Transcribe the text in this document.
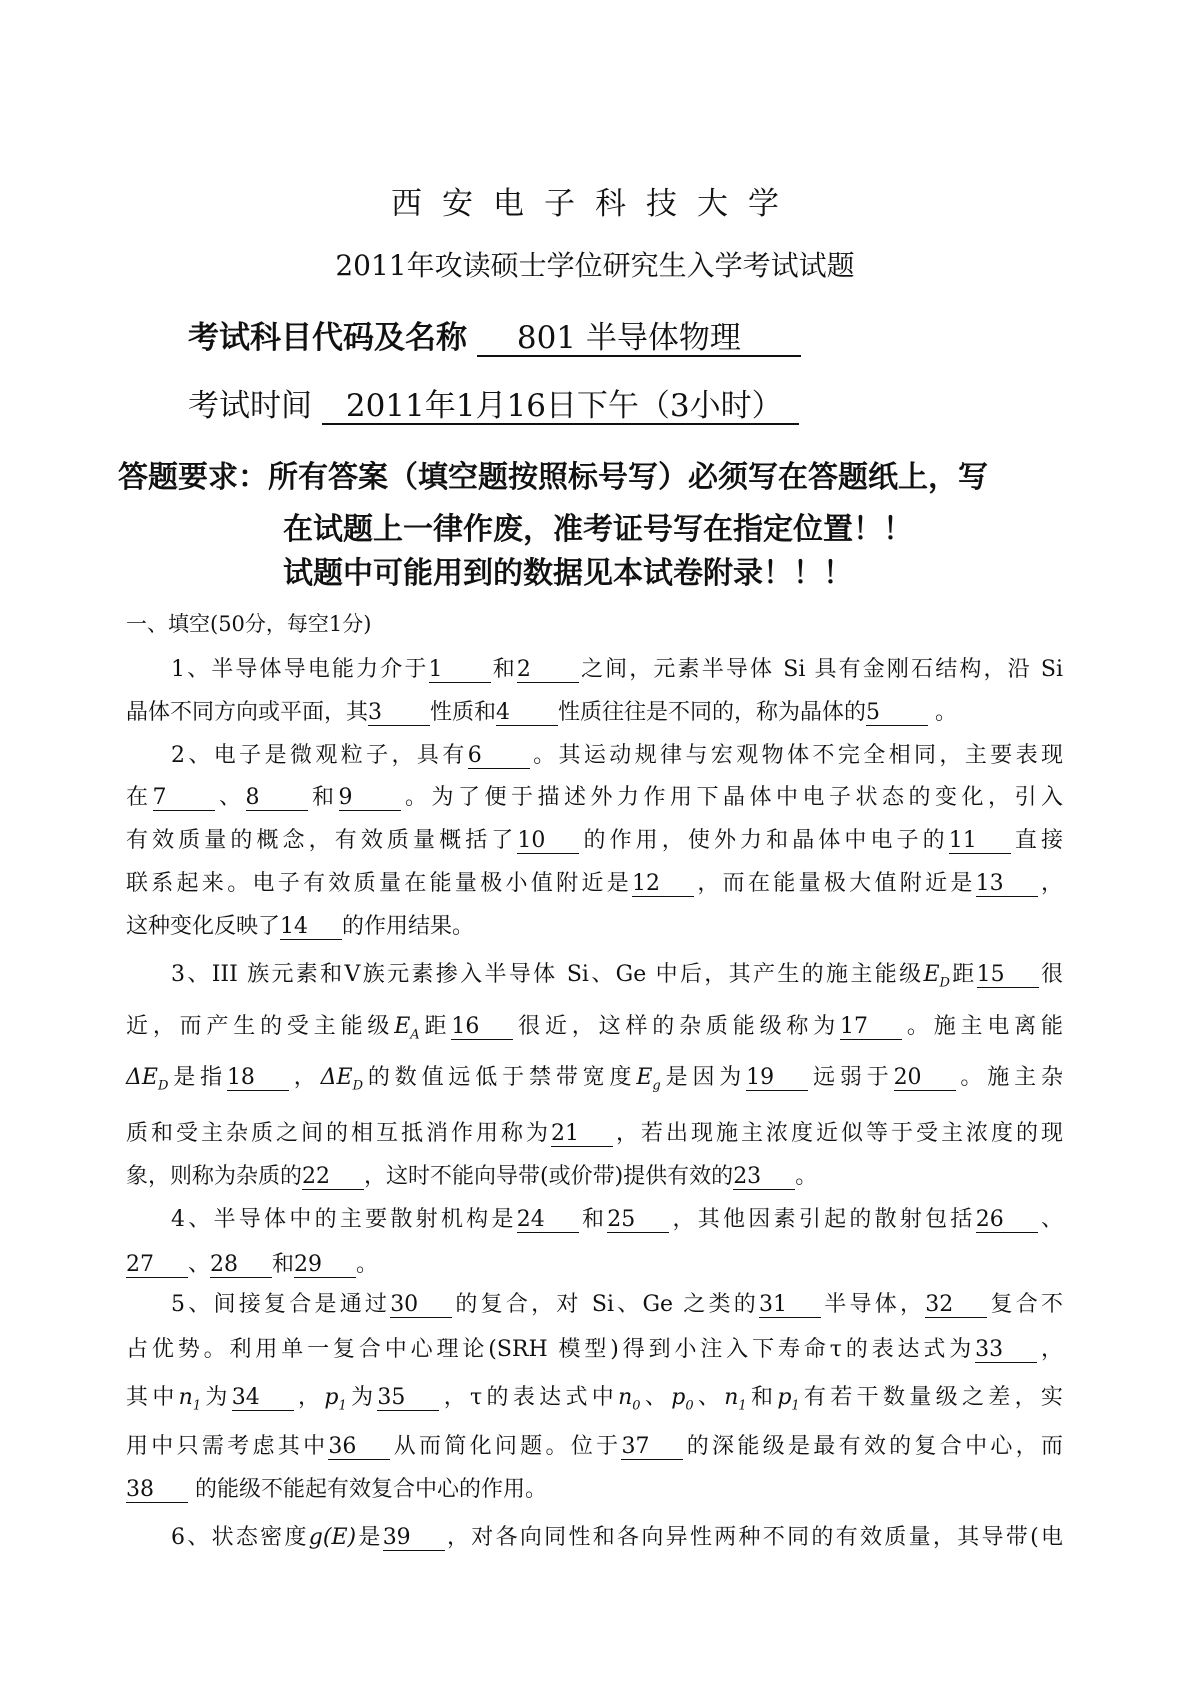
西安电子科技大学
2011年攻读硕士学位研究生入学考试试题
考试科目代码及名称 801 半导体物理
考试时间 2011年1月16日下午（3小时）
答题要求：所有答案（填空题按照标号写）必须写在答题纸上，写
在试题上一律作废，准考证号写在指定位置！！
试题中可能用到的数据见本试卷附录！！！
一、填空(50分，每空1分)
1、半导体导电能力介于1 和2 之间，元素半导体 Si 具有金刚石结构，沿 Si
晶体不同方向或平面，其3 性质和4 性质往往是不同的，称为晶体的5 。
2、电子是微观粒子，具有6 。其运动规律与宏观物体不完全相同，主要表现
在7 、8 和9 。为了便于描述外力作用下晶体中电子状态的变化，引入
有效质量的概念，有效质量概括了10 的作用，使外力和晶体中电子的11 直接
联系起来。电子有效质量在能量极小值附近是12 ，而在能量极大值附近是13 ，
这种变化反映了14 的作用结果。
3、III 族元素和Ⅴ族元素掺入半导体 Si、Ge 中后，其产生的施主能级$E_D$距15 很
近，而产生的受主能级$E_A$距16 很近，这样的杂质能级称为17 。施主电离能
$\Delta E_D$是指18 ，$\Delta E_D$的数值远低于禁带宽度$E_g$是因为19 远弱于20 。施主杂
质和受主杂质之间的相互抵消作用称为21 ，若出现施主浓度近似等于受主浓度的现
象，则称为杂质的22 ，这时不能向导带(或价带)提供有效的23 。
4、半导体中的主要散射机构是24 和25 ，其他因素引起的散射包括26 、
27 、28 和29 。
5、间接复合是通过30 的复合，对 Si、Ge 之类的31 半导体，32 复合不
占优势。利用单一复合中心理论(SRH 模型)得到小注入下寿命τ的表达式为33 ，
其中$n_1$为34 ，$p_1$为35 ，τ的表达式中$n_0$、$p_0$、$n_1$和$p_1$有若干数量级之差，实
用中只需考虑其中36 从而简化问题。位于37 的深能级是最有效的复合中心，而
38 的能级不能起有效复合中心的作用。
6、状态密度g(E)是39 ，对各向同性和各向异性两种不同的有效质量，其导带(电
